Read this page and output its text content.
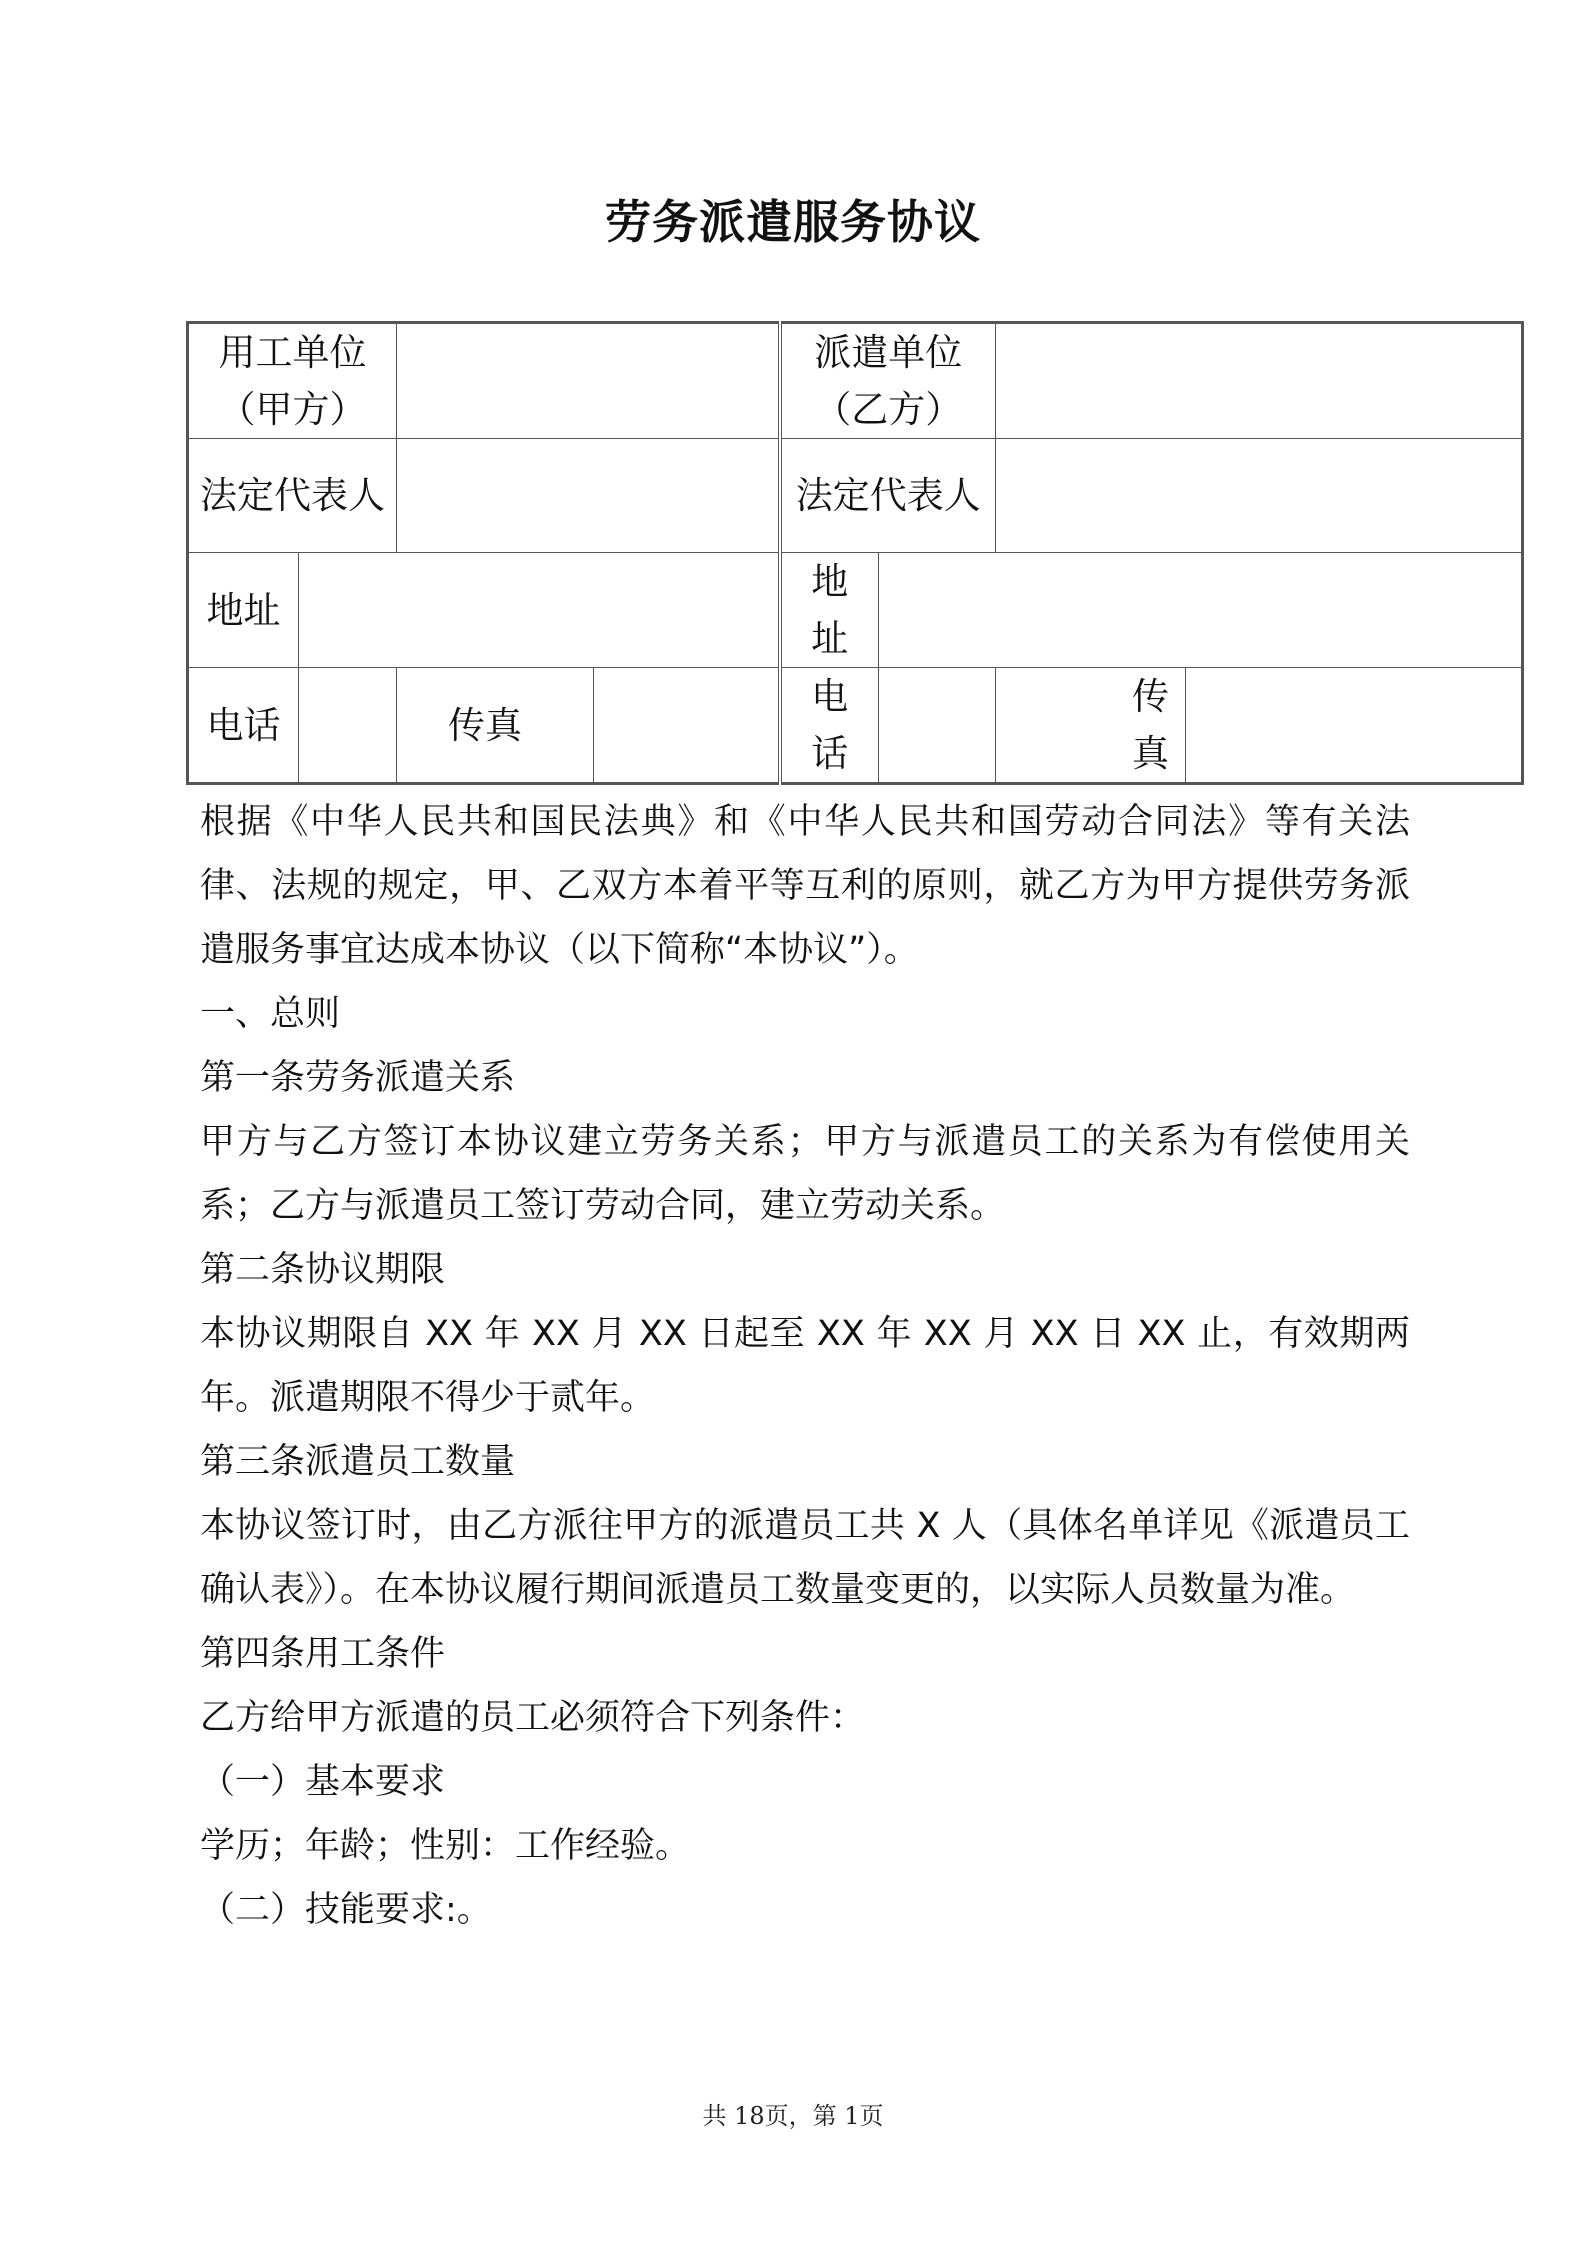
劳务派遣服务协议
用工单位（甲方）				派遣单位（乙方）			
法定代表人				法定代表人			
地址				地址			
电话		传真		电话		传真	

根据《中华人民共和国民法典》和《中华人民共和国劳动合同法》等有关法律、法规的规定，甲、乙双方本着平等互利的原则，就乙方为甲方提供劳务派遣服务事宜达成本协议（以下简称“本协议”）。

一、总则

第一条劳务派遣关系

甲方与乙方签订本协议建立劳务关系；甲方与派遣员工的关系为有偿使用关系；乙方与派遣员工签订劳动合同，建立劳动关系。

第二条协议期限

本协议期限自 XX 年 XX 月 XX 日起至 XX 年 XX 月 XX 日 XX 止，有效期两年。派遣期限不得少于贰年。

第三条派遣员工数量

本协议签订时，由乙方派往甲方的派遣员工共 X 人（具体名单详见《派遣员工确认表》）。在本协议履行期间派遣员工数量变更的，以实际人员数量为准。

第四条用工条件

乙方给甲方派遣的员工必须符合下列条件：

（一）基本要求

学历；年龄；性别：工作经验。

（二）技能要求:。

共 18页，第 1页
